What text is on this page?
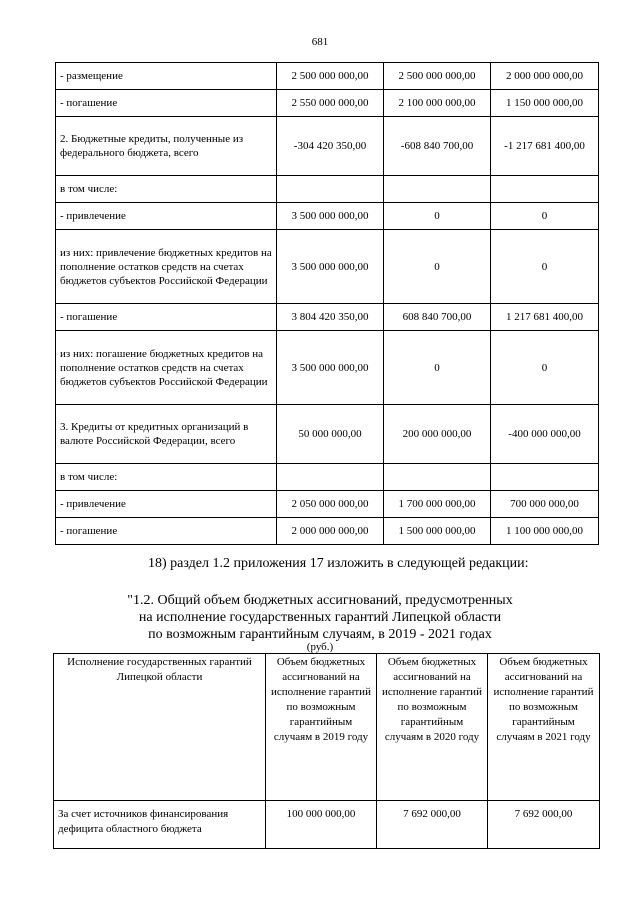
681
- размещение	2 500 000 000,00	2 500 000 000,00	2 000 000 000,00
- погашение	2 550 000 000,00	2 100 000 000,00	1 150 000 000,00
2. Бюджетные кредиты, полученные из федерального бюджета, всего	-304 420 350,00	-608 840 700,00	-1 217 681 400,00
в том числе:			
- привлечение	3 500 000 000,00	0	0
из них: привлечение бюджетных кредитов на пополнение остатков средств на счетах бюджетов субъектов Российской Федерации	3 500 000 000,00	0	0
- погашение	3 804 420 350,00	608 840 700,00	1 217 681 400,00
из них: погашение бюджетных кредитов на пополнение остатков средств на счетах бюджетов субъектов Российской Федерации	3 500 000 000,00	0	0
3. Кредиты от кредитных организаций в валюте Российской Федерации, всего	50 000 000,00	200 000 000,00	-400 000 000,00
в том числе:			
- привлечение	2 050 000 000,00	1 700 000 000,00	700 000 000,00
- погашение	2 000 000 000,00	1 500 000 000,00	1 100 000 000,00
18) раздел 1.2 приложения 17 изложить в следующей редакции:
"1.2. Общий объем бюджетных ассигнований, предусмотренных
на исполнение государственных гарантий Липецкой области
по возможным гарантийным случаям, в 2019 - 2021 годах
(руб.)
Исполнение государственных гарантий Липецкой области	Объем бюджетных ассигнований на исполнение гарантий по возможным гарантийным случаям в 2019 году	Объем бюджетных ассигнований на исполнение гарантий по возможным гарантийным случаям в 2020 году	Объем бюджетных ассигнований на исполнение гарантий по возможным гарантийным случаям в 2021 году
За счет источников финансирования дефицита областного бюджета	100 000 000,00	7 692 000,00	7 692 000,00
